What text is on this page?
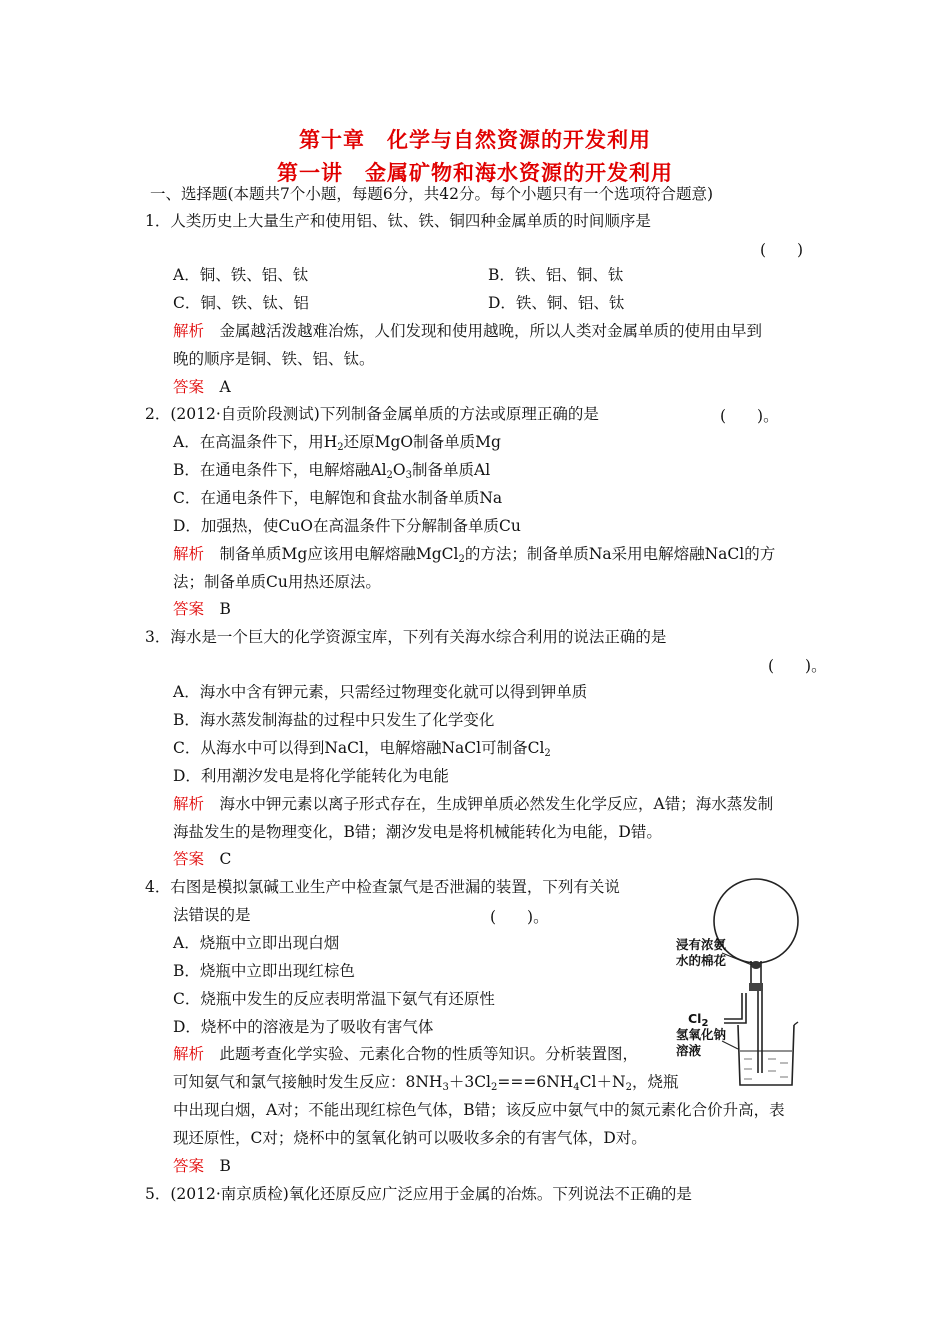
第十章　化学与自然资源的开发利用
第一讲　金属矿物和海水资源的开发利用
一、选择题(本题共7个小题，每题6分，共42分。每个小题只有一个选项符合题意)
1．人类历史上大量生产和使用铝、钛、铁、铜四种金属单质的时间顺序是
(　　)
A．铜、铁、铝、钛	B．铁、铝、铜、钛
C．铜、铁、钛、铝	D．铁、铜、铝、钛
解析　 金属越活泼越难冶炼，人们发现和使用越晚，所以人类对金属单质的使用由早到
晚的顺序是铜、铁、铝、钛。
答案　 A
2．(2012·自贡阶段测试)下列制备金属单质的方法或原理正确的是	(　　)。
A．在高温条件下，用$H_2$还原MgO制备单质Mg
B．在通电条件下，电解熔融$Al_2O_3$制备单质Al
C．在通电条件下，电解饱和食盐水制备单质Na
D．加强热，使CuO在高温条件下分解制备单质Cu
解析　 制备单质Mg应该用电解熔融MgCl$_2$的方法；制备单质Na采用电解熔融NaCl的方
法；制备单质Cu用热还原法。
答案　 B
3．海水是一个巨大的化学资源宝库，下列有关海水综合利用的说法正确的是
(　　)。
A．海水中含有钾元素，只需经过物理变化就可以得到钾单质
B．海水蒸发制海盐的过程中只发生了化学变化
C．从海水中可以得到NaCl，电解熔融NaCl可制备$Cl_2$
D．利用潮汐发电是将化学能转化为电能
解析　 海水中钾元素以离子形式存在，生成钾单质必然发生化学反应，A错；海水蒸发制
海盐发生的是物理变化，B错；潮汐发电是将机械能转化为电能，D错。
答案　 C
4．右图是模拟氯碱工业生产中检查氯气是否泄漏的装置，下列有关说
法错误的是	(　　)。
A．烧瓶中立即出现白烟
B．烧瓶中立即出现红棕色
C．烧瓶中发生的反应表明常温下氨气有还原性
D．烧杯中的溶液是为了吸收有害气体
解析　 此题考查化学实验、元素化合物的性质等知识。分析装置图，
可知氨气和氯气接触时发生反应：$8NH_3+3Cl_2===6NH_4Cl+N_2$，烧瓶
中出现白烟，A对；不能出现红棕色气体，B错；该反应中氨气中的氮元素化合价升高，表
现还原性，C对；烧杯中的氢氧化钠可以吸收多余的有害气体，D对。
答案　 B
浸有浓氨
水的棉花
$Cl_2$
氢氧化钠
溶液
5．(2012·南京质检)氧化还原反应广泛应用于金属的冶炼。下列说法不正确的是
